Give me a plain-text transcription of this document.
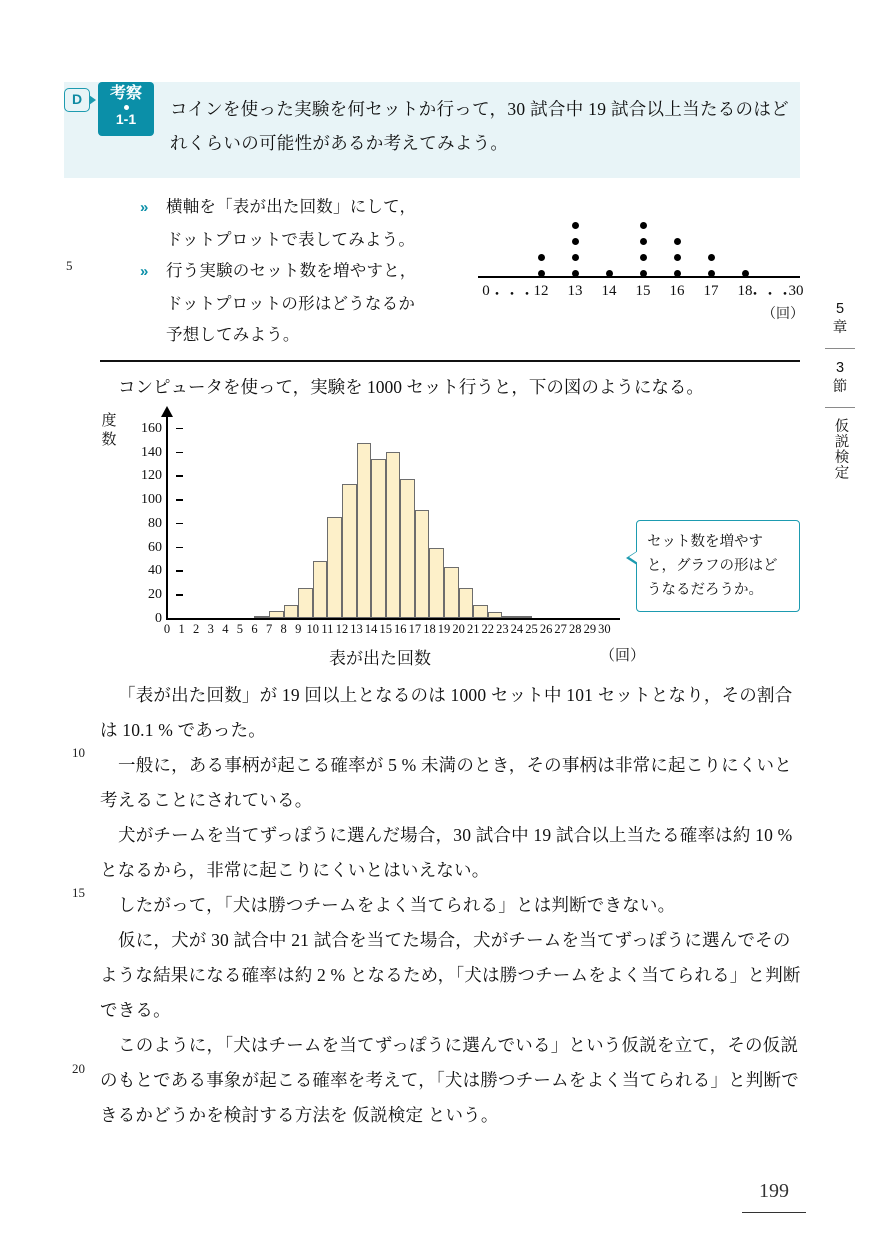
D	考察
1-1	コインを使った実験を何セットか行って，30 試合中 19 試合以上当たるのはどれくらいの可能性があるか考えてみよう。
»	横軸を「表が出た回数」にして，
ドットプロットで表してみよう。
»	行う実験のセット数を増やすと，
ドットプロットの形はどうなるか
予想してみよう。
0 ・・・
12 13 14 15 16 17 18
・・・
30
（回）
コンピュータを使って，実験を 1000 セット行うと，下の図のようになる。
度
数
0
20
40
60
80
100
120
140
160
0 1 2 3 4 5 6 7 8 9 10 11 12 13 14 15 16 17 18 19 20 21 22 23 24 25 26 27 28 29 30
表が出た回数	（回）
セット数を増やすと，グラフの形はどうなるだろうか。

「表が出た回数」が 19 回以上となるのは 1000 セット中 101 セットとなり，その割合は 10.1 % であった。

一般に，ある事柄が起こる確率が 5 % 未満のとき，その事柄は非常に起こりにくいと考えることにされている。

犬がチームを当てずっぽうに選んだ場合，30 試合中 19 試合以上当たる確率は約 10 % となるから，非常に起こりにくいとはいえない。

したがって，「犬は勝つチームをよく当てられる」とは判断できない。

仮に，犬が 30 試合中 21 試合を当てた場合，犬がチームを当てずっぽうに選んでそのような結果になる確率は約 2 % となるため，「犬は勝つチームをよく当てられる」と判断できる。

このように，「犬はチームを当てずっぽうに選んでいる」という仮説を立て，その仮説のもとである事象が起こる確率を考えて，「犬は勝つチームをよく当てられる」と判断できるかどうかを検討する方法を 仮説検定 という。

5
10
15
20
5
章
3
節
仮説検定
199
